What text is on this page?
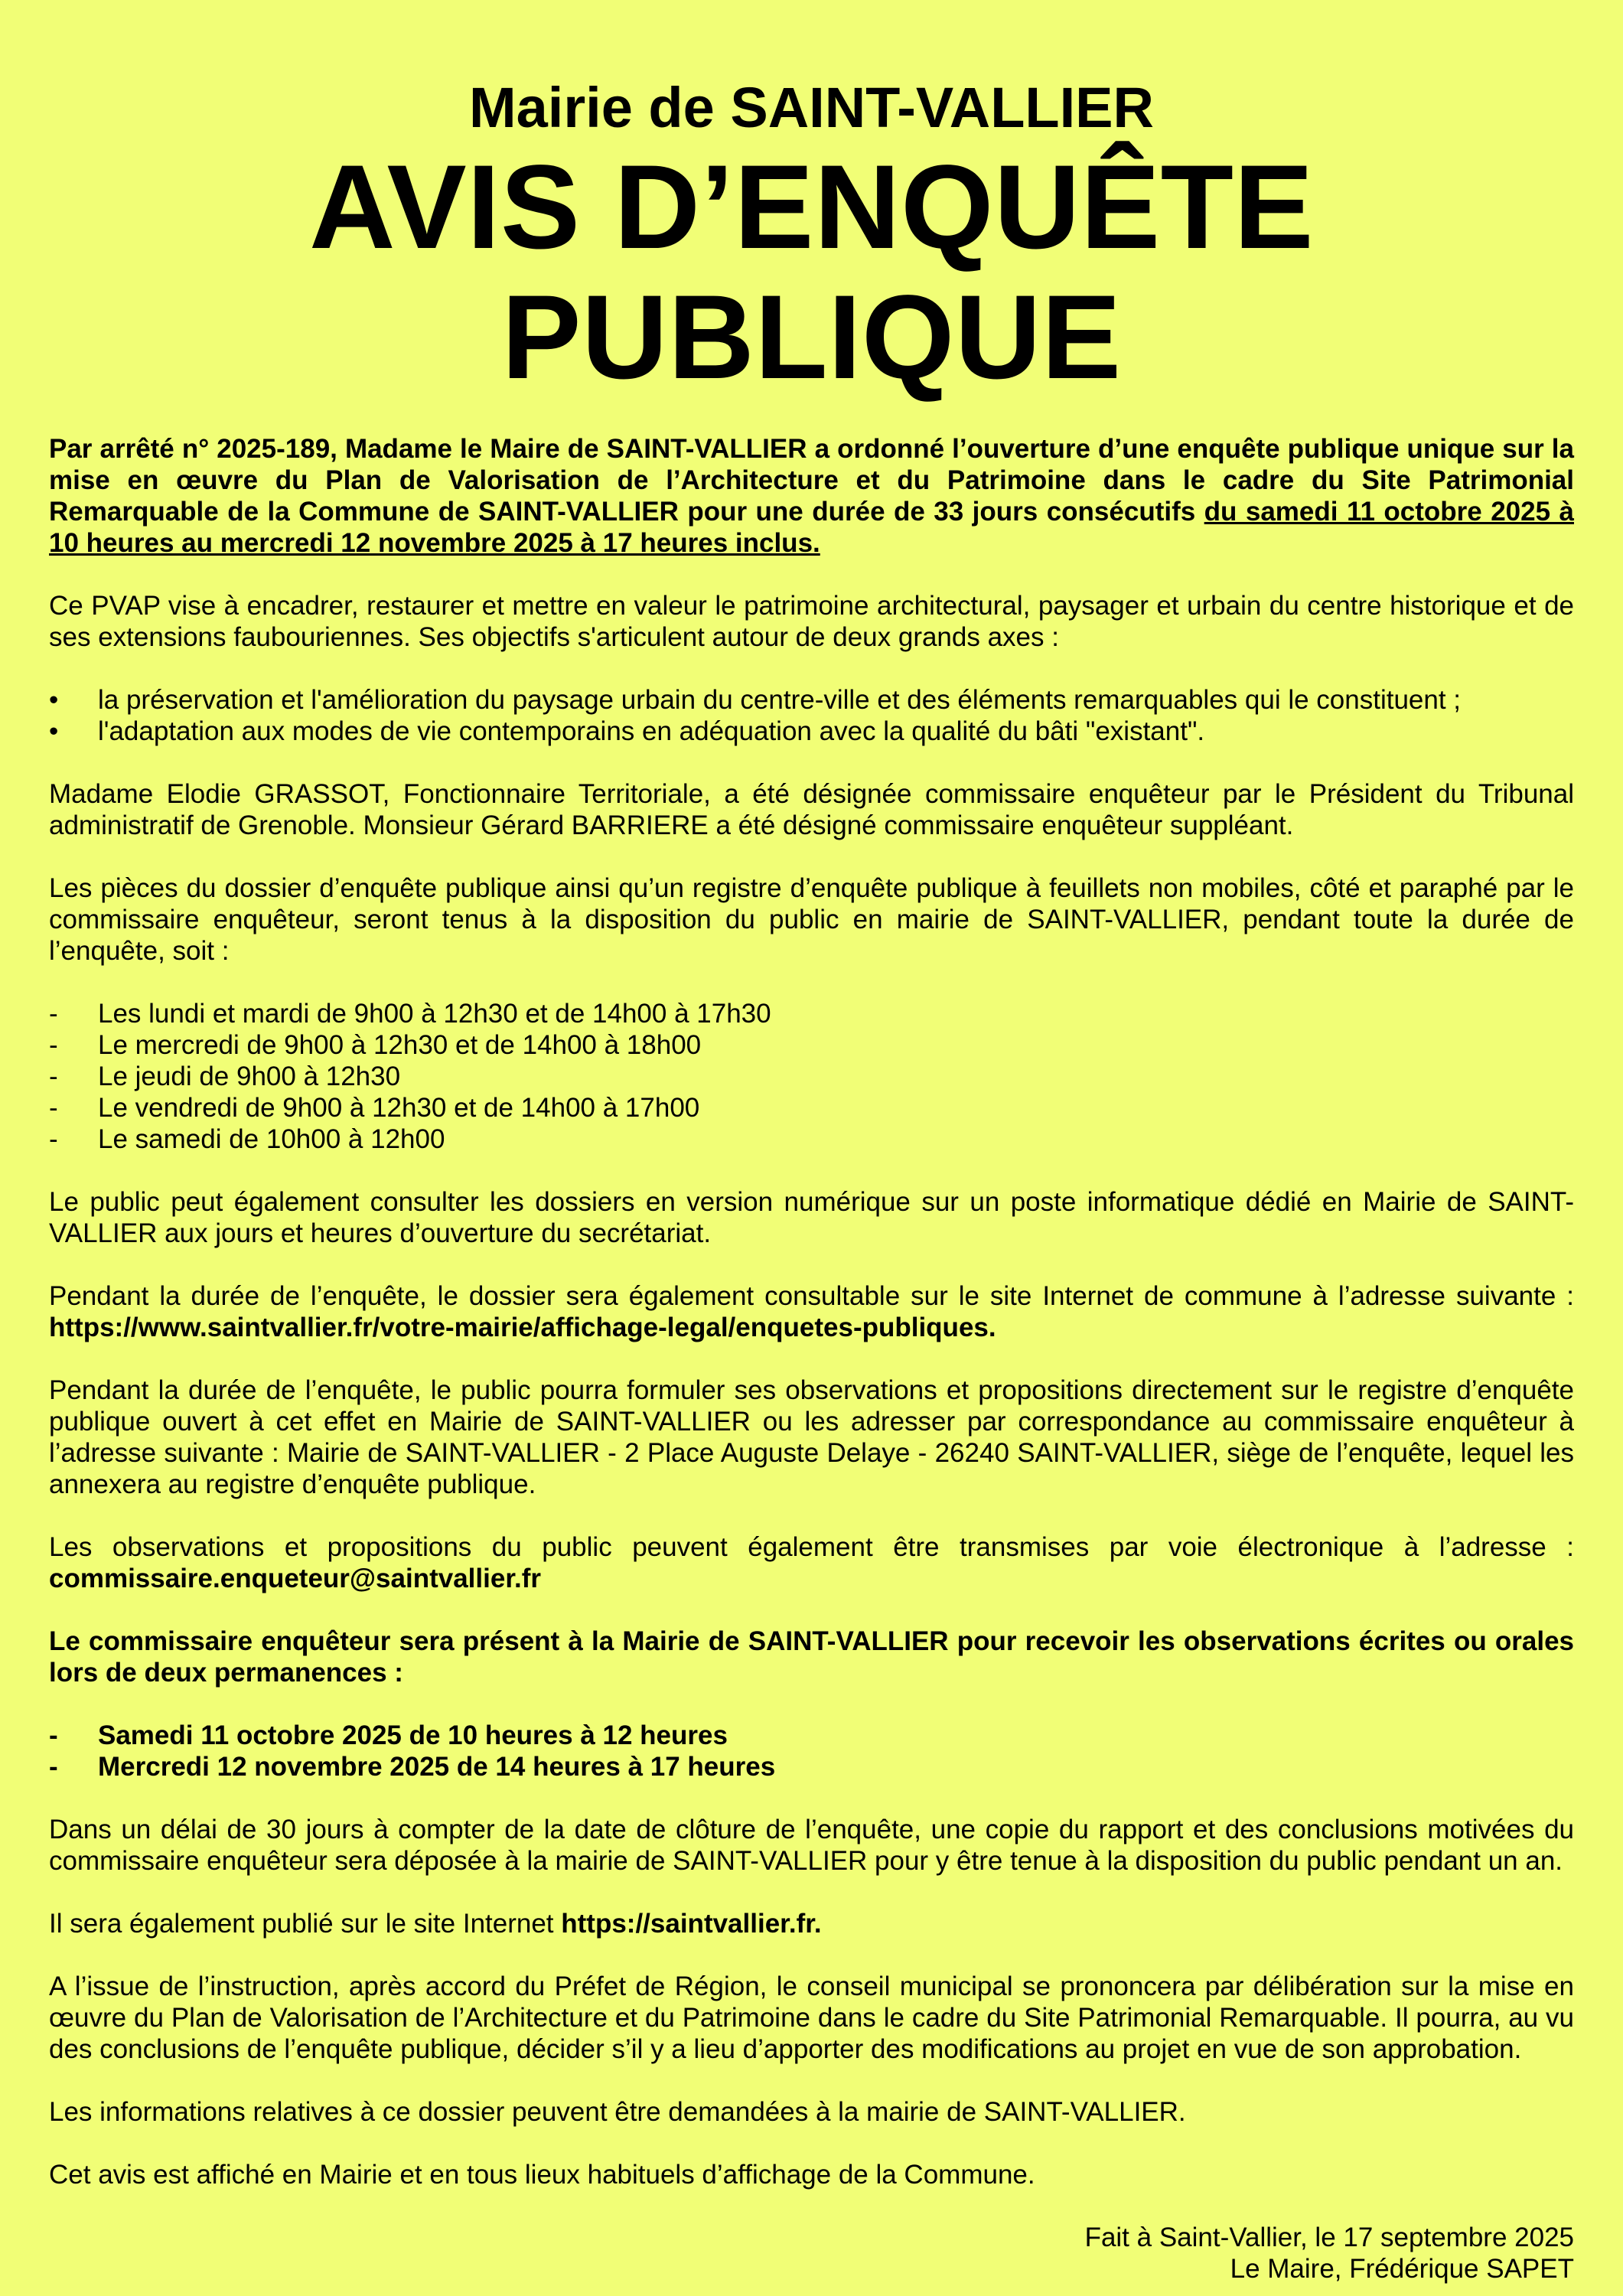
Mairie de SAINT-VALLIER
AVIS D’ENQUÊTE PUBLIQUE

Par arrêté n° 2025-189, Madame le Maire de SAINT-VALLIER a ordonné l’ouverture d’une enquête publique unique sur la mise en œuvre du Plan de Valorisation de l’Architecture et du Patrimoine dans le cadre du Site Patrimonial Remarquable de la Commune de SAINT-VALLIER pour une durée de 33 jours consécutifs du samedi 11 octobre 2025 à 10 heures au mercredi 12 novembre 2025 à 17 heures inclus.

Ce PVAP vise à encadrer, restaurer et mettre en valeur le patrimoine architectural, paysager et urbain du centre historique et de ses extensions faubouriennes. Ses objectifs s'articulent autour de deux grands axes :

•	la préservation et l'amélioration du paysage urbain du centre-ville et des éléments remarquables qui le constituent ;
•	l'adaptation aux modes de vie contemporains en adéquation avec la qualité du bâti "existant".

Madame Elodie GRASSOT, Fonctionnaire Territoriale, a été désignée commissaire enquêteur par le Président du Tribunal administratif de Grenoble. Monsieur Gérard BARRIERE a été désigné commissaire enquêteur suppléant.

Les pièces du dossier d’enquête publique ainsi qu’un registre d’enquête publique à feuillets non mobiles, côté et paraphé par le commissaire enquêteur, seront tenus à la disposition du public en mairie de SAINT-VALLIER, pendant toute la durée de l’enquête, soit :

-	Les lundi et mardi de 9h00 à 12h30 et de 14h00 à 17h30
-	Le mercredi de 9h00 à 12h30 et de 14h00 à 18h00
-	Le jeudi de 9h00 à 12h30
-	Le vendredi de 9h00 à 12h30 et de 14h00 à 17h00
-	Le samedi de 10h00 à 12h00

Le public peut également consulter les dossiers en version numérique sur un poste informatique dédié en Mairie de SAINT-VALLIER aux jours et heures d’ouverture du secrétariat.

Pendant la durée de l’enquête, le dossier sera également consultable sur le site Internet de commune à l’adresse suivante : https://www.saintvallier.fr/votre-mairie/affichage-legal/enquetes-publiques.

Pendant la durée de l’enquête, le public pourra formuler ses observations et propositions directement sur le registre d’enquête publique ouvert à cet effet en Mairie de SAINT-VALLIER ou les adresser par correspondance au commissaire enquêteur à l’adresse suivante : Mairie de SAINT-VALLIER - 2 Place Auguste Delaye - 26240 SAINT-VALLIER, siège de l’enquête, lequel les annexera au registre d’enquête publique.

Les observations et propositions du public peuvent également être transmises par voie électronique à l’adresse : commissaire.enqueteur@saintvallier.fr

Le commissaire enquêteur sera présent à la Mairie de SAINT-VALLIER pour recevoir les observations écrites ou orales lors de deux permanences :

-	Samedi 11 octobre 2025 de 10 heures à 12 heures
-	Mercredi 12 novembre 2025 de 14 heures à 17 heures

Dans un délai de 30 jours à compter de la date de clôture de l’enquête, une copie du rapport et des conclusions motivées du commissaire enquêteur sera déposée à la mairie de SAINT-VALLIER pour y être tenue à la disposition du public pendant un an.

Il sera également publié sur le site Internet https://saintvallier.fr.

A l’issue de l’instruction, après accord du Préfet de Région, le conseil municipal se prononcera par délibération sur la mise en œuvre du Plan de Valorisation de l’Architecture et du Patrimoine dans le cadre du Site Patrimonial Remarquable. Il pourra, au vu des conclusions de l’enquête publique, décider s’il y a lieu d’apporter des modifications au projet en vue de son approbation.

Les informations relatives à ce dossier peuvent être demandées à la mairie de SAINT-VALLIER.

Cet avis est affiché en Mairie et en tous lieux habituels d’affichage de la Commune.

Fait à Saint-Vallier, le 17 septembre 2025
Le Maire, Frédérique SAPET
